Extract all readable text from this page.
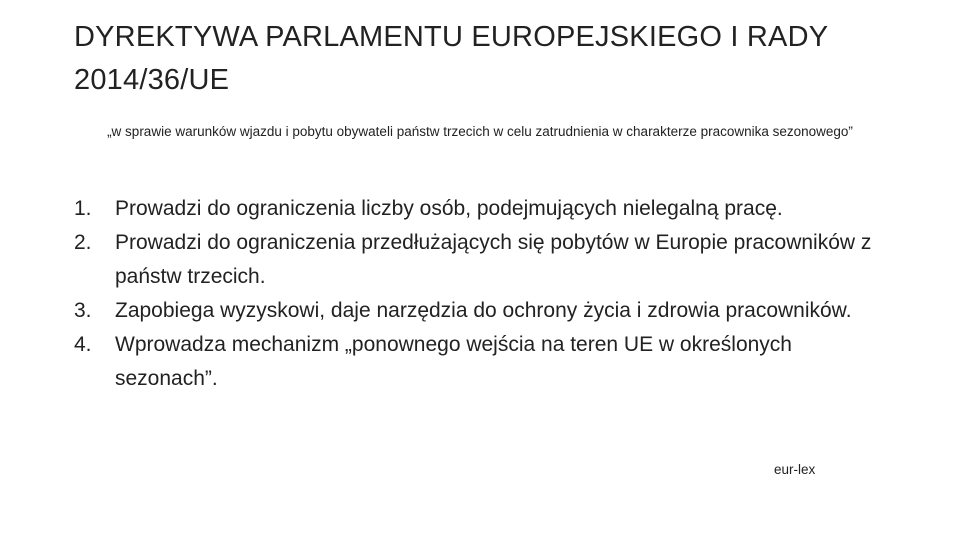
DYREKTYWA PARLAMENTU EUROPEJSKIEGO I RADY 2014/36/UE

„w sprawie warunków wjazdu i pobytu obywateli państw trzecich w celu zatrudnienia w charakterze pracownika sezonowego”

1. Prowadzi do ograniczenia liczby osób, podejmujących nielegalną pracę.
2. Prowadzi do ograniczenia przedłużających się pobytów w Europie pracowników z państw trzecich.
3. Zapobiega wyzyskowi, daje narzędzia do ochrony życia i zdrowia pracowników.
4. Wprowadza mechanizm „ponownego wejścia na teren UE w określonych sezonach”.
eur-lex
